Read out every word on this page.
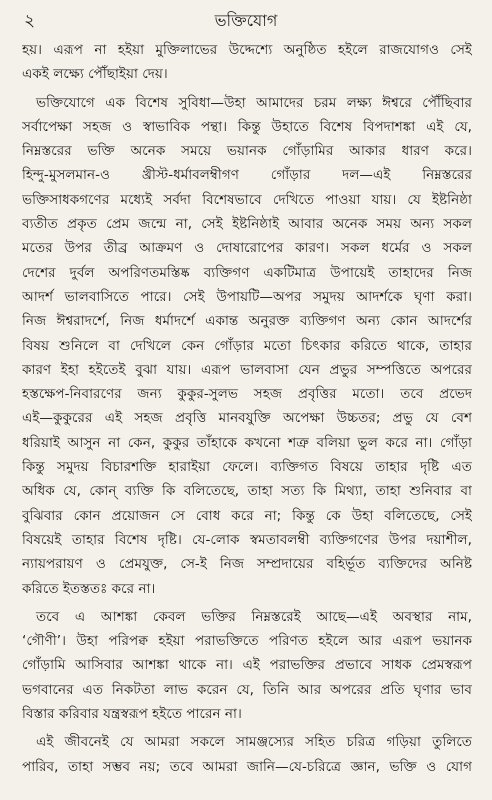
২	ভক্তিযোগ
হয়। এরূপ না হইয়া মুক্তিলাভের উদ্দেশ্যে অনুষ্ঠিত হইলে রাজযোগও সেই
একই লক্ষ্যে পৌঁছাইয়া দেয়।
ভক্তিযোগে এক বিশেষ সুবিধা—উহা আমাদের চরম লক্ষ্য ঈশ্বরে পৌঁছিবার
সর্বাপেক্ষা সহজ ও স্বাভাবিক পন্থা। কিন্তু উহাতে বিশেষ বিপদাশঙ্কা এই যে,
নিম্নস্তরের ভক্তি অনেক সময়ে ভয়ানক গোঁড়ামির আকার ধারণ করে।
হিন্দু-মুসলমান-ও খ্রীস্ট-ধর্মাবলম্বীগণ গোঁড়ার দল—এই নিম্নস্তরের
ভক্তিসাধকগণের মধ্যেই সর্বদা বিশেষভাবে দেখিতে পাওয়া যায়। যে ইষ্টনিষ্ঠা
ব্যতীত প্রকৃত প্রেম জন্মে না, সেই ইষ্টনিষ্ঠাই আবার অনেক সময় অন্য সকল
মতের উপর তীব্র আক্রমণ ও দোষারোপের কারণ। সকল ধর্মের ও সকল
দেশের দুর্বল অপরিণতমস্তিষ্ক ব্যক্তিগণ একটিমাত্র উপায়েই তাহাদের নিজ
আদর্শ ভালবাসিতে পারে। সেই উপায়টি—অপর সমুদয় আদর্শকে ঘৃণা করা।
নিজ ঈশ্বরাদর্শে, নিজ ধর্মাদর্শে একান্ত অনুরক্ত ব্যক্তিগণ অন্য কোন আদর্শের
বিষয় শুনিলে বা দেখিলে কেন গোঁড়ার মতো চিৎকার করিতে থাকে, তাহার
কারণ ইহা হইতেই বুঝা যায়। এরূপ ভালবাসা যেন প্রভুর সম্পত্তিতে অপরের
হস্তক্ষেপ-নিবারণের জন্য কুকুর-সুলভ সহজ প্রবৃত্তির মতো। তবে প্রভেদ
এই—কুকুরের এই সহজ প্রবৃত্তি মানবযুক্তি অপেক্ষা উচ্চতর; প্রভু যে বেশ
ধরিয়াই আসুন না কেন, কুকুর তাঁহাকে কখনো শত্রু বলিয়া ভুল করে না। গোঁড়া
কিন্তু সমুদয় বিচারশক্তি হারাইয়া ফেলে। ব্যক্তিগত বিষয়ে তাহার দৃষ্টি এত
অধিক যে, কোন্ ব্যক্তি কি বলিতেছে, তাহা সত্য কি মিথ্যা, তাহা শুনিবার বা
বুঝিবার কোন প্রয়োজন সে বোধ করে না; কিন্তু কে উহা বলিতেছে, সেই
বিষয়েই তাহার বিশেষ দৃষ্টি। যে-লোক স্বমতাবলম্বী ব্যক্তিগণের উপর দয়াশীল,
ন্যায়পরায়ণ ও প্রেমযুক্ত, সে-ই নিজ সম্প্রদায়ের বহির্ভূত ব্যক্তিদের অনিষ্ট
করিতে ইতস্ততঃ করে না।
তবে এ আশঙ্কা কেবল ভক্তির নিম্নস্তরেই আছে—এই অবস্থার নাম,
‘গৌণী’। উহা পরিপক্ব হইয়া পরাভক্তিতে পরিণত হইলে আর এরূপ ভয়ানক
গোঁড়ামি আসিবার আশঙ্কা থাকে না। এই পরাভক্তির প্রভাবে সাধক প্রেমস্বরূপ
ভগবানের এত নিকটতা লাভ করেন যে, তিনি আর অপরের প্রতি ঘৃণার ভাব
বিস্তার করিবার যন্ত্রস্বরূপ হইতে পারেন না।
এই জীবনেই যে আমরা সকলে সামঞ্জস্যের সহিত চরিত্র গড়িয়া তুলিতে
পারিব, তাহা সম্ভব নয়; তবে আমরা জানি—যে-চরিত্রে জ্ঞান, ভক্তি ও যোগ
